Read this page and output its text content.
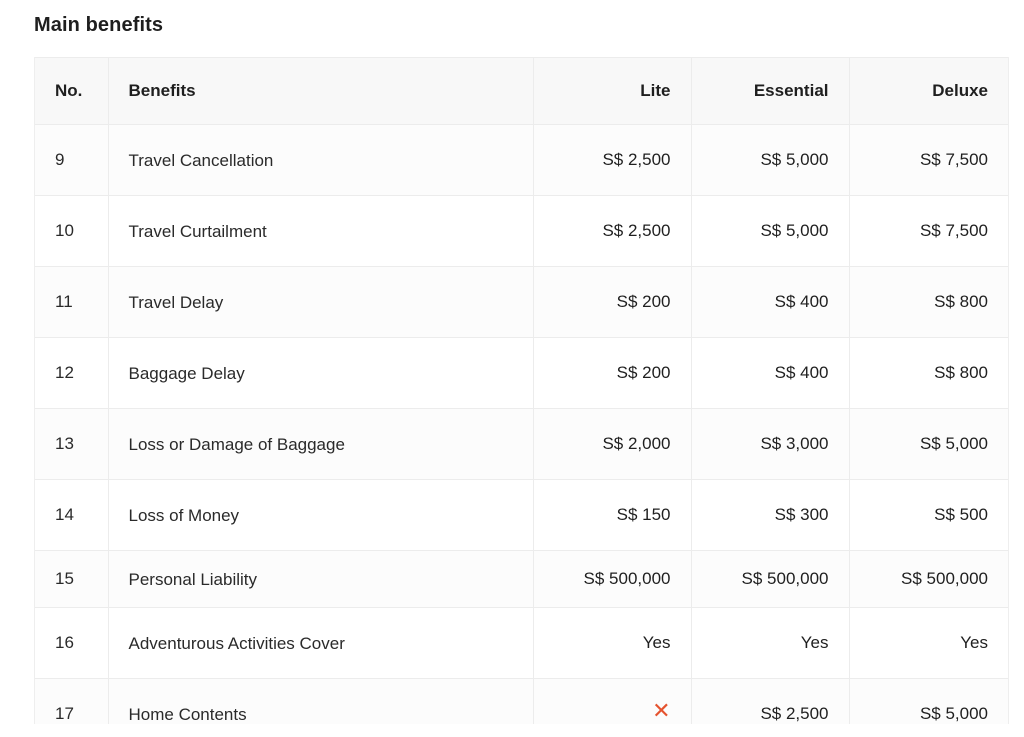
Main benefits
No.	Benefits	Lite	Essential	Deluxe
9	Travel Cancellation	S$ 2,500	S$ 5,000	S$ 7,500
10	Travel Curtailment	S$ 2,500	S$ 5,000	S$ 7,500
11	Travel Delay	S$ 200	S$ 400	S$ 800
12	Baggage Delay	S$ 200	S$ 400	S$ 800
13	Loss or Damage of Baggage	S$ 2,000	S$ 3,000	S$ 5,000
14	Loss of Money	S$ 150	S$ 300	S$ 500
15	Personal Liability	S$ 500,000	S$ 500,000	S$ 500,000
16	Adventurous Activities Cover	Yes	Yes	Yes
17	Home Contents	✕	S$ 2,500	S$ 5,000
